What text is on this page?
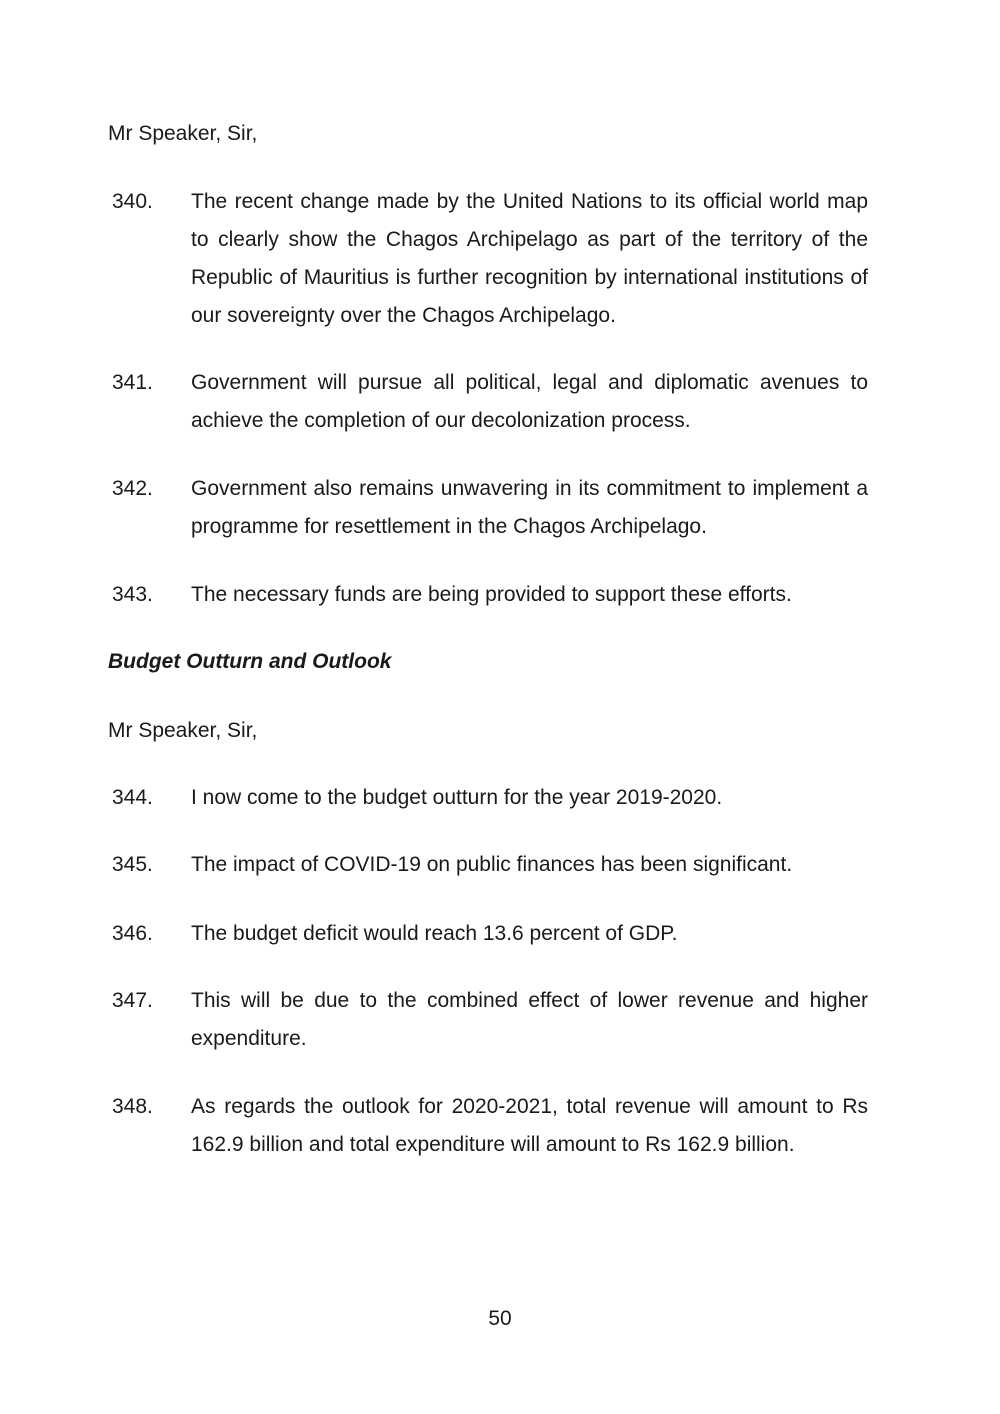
Mr Speaker, Sir,

340. The recent change made by the United Nations to its official world map to clearly show the Chagos Archipelago as part of the territory of the Republic of Mauritius is further recognition by international institutions of our sovereignty over the Chagos Archipelago.
341. Government will pursue all political, legal and diplomatic avenues to achieve the completion of our decolonization process.
342. Government also remains unwavering in its commitment to implement a programme for resettlement in the Chagos Archipelago.
343. The necessary funds are being provided to support these efforts.

Budget Outturn and Outlook

Mr Speaker, Sir,

344. I now come to the budget outturn for the year 2019-2020.
345. The impact of COVID-19 on public finances has been significant.
346. The budget deficit would reach 13.6 percent of GDP.
347. This will be due to the combined effect of lower revenue and higher expenditure.
348. As regards the outlook for 2020-2021, total revenue will amount to Rs 162.9 billion and total expenditure will amount to Rs 162.9 billion.

50
